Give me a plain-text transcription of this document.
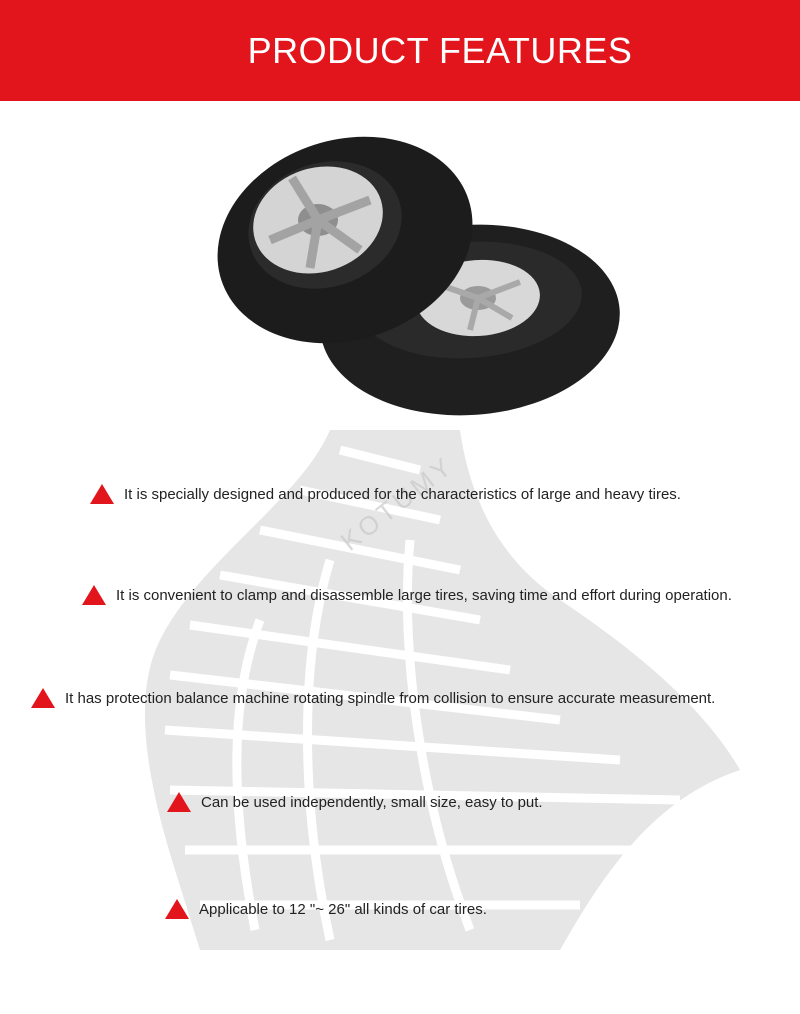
PRODUCT FEATURES
KOTUMY
It is specially designed and produced for the characteristics of large and heavy tires.
It is convenient to clamp and disassemble large tires, saving time and effort during operation.
It has protection balance machine rotating spindle from collision to ensure accurate measurement.
Can be used independently, small size, easy to put.
Applicable to 12 "~ 26" all kinds of car tires.
